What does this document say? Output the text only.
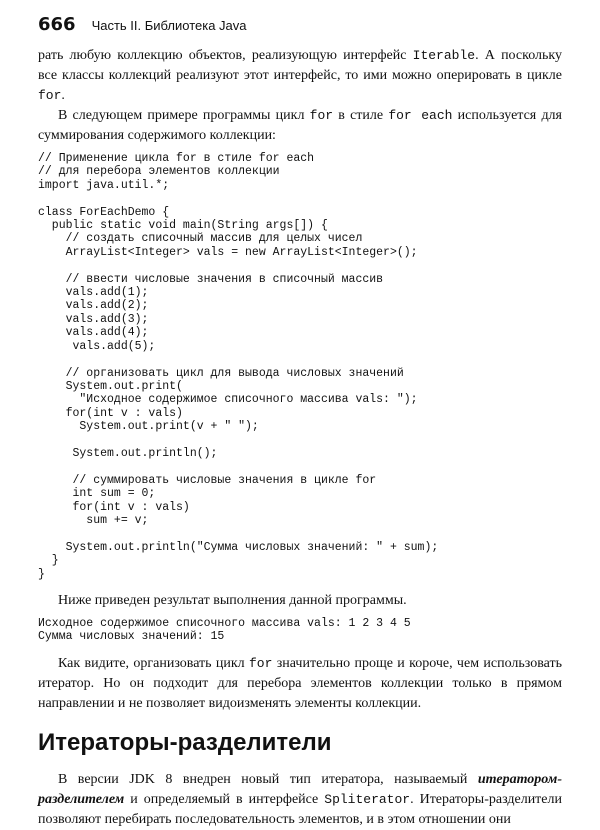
666 Часть II. Библиотека Java

рать любую коллекцию объектов, реализующую интерфейс Iterable. А поскольку все классы коллекций реализуют этот интерфейс, то ими можно оперировать в цикле for.

В следующем примере программы цикл for в стиле for each используется для суммирования содержимого коллекции:

// Применение цикла for в стиле for each
// для перебора элементов коллекции
import java.util.*;

class ForEachDemo {
public static void main(String args[]) {
// создать списочный массив для целых чисел
ArrayList<Integer> vals = new ArrayList<Integer>();

// ввести числовые значения в списочный массив
vals.add(1);
vals.add(2);
vals.add(3);
vals.add(4);
vals.add(5);

// организовать цикл для вывода числовых значений
System.out.print(
"Исходное содержимое списочного массива vals: ");
for(int v : vals)
System.out.print(v + " ");

System.out.println();

// суммировать числовые значения в цикле for
int sum = 0;
for(int v : vals)
sum += v;

System.out.println("Сумма числовых значений: " + sum);
}
}

Ниже приведен результат выполнения данной программы.

Исходное содержимое списочного массива vals: 1 2 3 4 5
Сумма числовых значений: 15

Как видите, организовать цикл for значительно проще и короче, чем использовать итератор. Но он подходит для перебора элементов коллекции только в прямом направлении и не позволяет видоизменять элементы коллекции.

Итераторы-разделители

В версии JDK 8 внедрен новый тип итератора, называемый итератором-разделителем и определяемый в интерфейсе Spliterator. Итераторы-разделители позволяют перебирать последовательность элементов, и в этом отношении они
